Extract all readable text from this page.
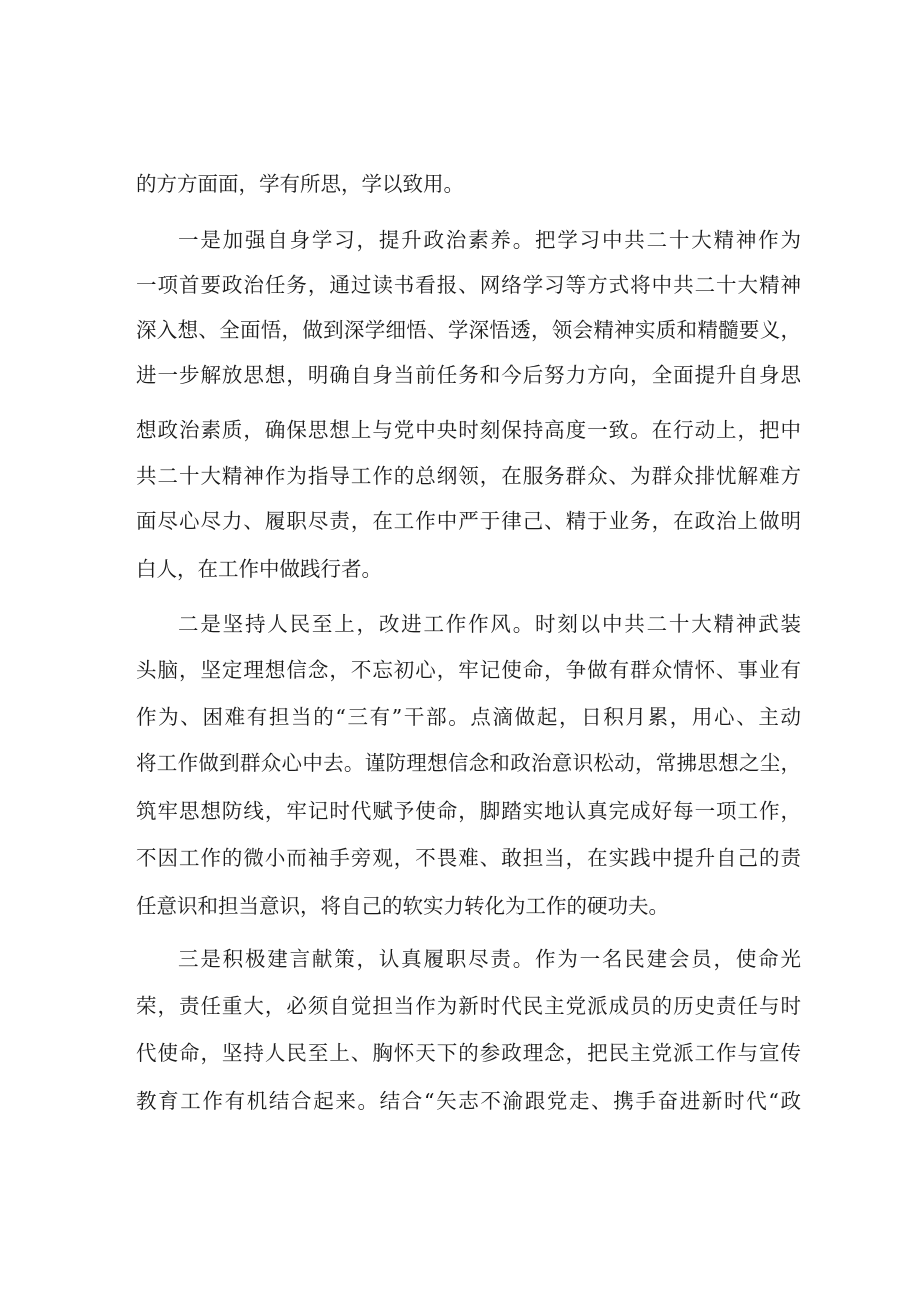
的方方面面，学有所思，学以致用。
一是加强自身学习，提升政治素养。把学习中共二十大精神作为
一项首要政治任务，通过读书看报、网络学习等方式将中共二十大精神
深入想、全面悟，做到深学细悟、学深悟透，领会精神实质和精髓要义，
进一步解放思想，明确自身当前任务和今后努力方向，全面提升自身思
想政治素质，确保思想上与党中央时刻保持高度一致。在行动上，把中
共二十大精神作为指导工作的总纲领，在服务群众、为群众排忧解难方
面尽心尽力、履职尽责，在工作中严于律己、精于业务，在政治上做明
白人，在工作中做践行者。
二是坚持人民至上，改进工作作风。时刻以中共二十大精神武装
头脑，坚定理想信念，不忘初心，牢记使命，争做有群众情怀、事业有
作为、困难有担当的“三有”干部。点滴做起，日积月累，用心、主动
将工作做到群众心中去。谨防理想信念和政治意识松动，常拂思想之尘，
筑牢思想防线，牢记时代赋予使命，脚踏实地认真完成好每一项工作，
不因工作的微小而袖手旁观，不畏难、敢担当，在实践中提升自己的责
任意识和担当意识，将自己的软实力转化为工作的硬功夫。
三是积极建言献策，认真履职尽责。作为一名民建会员，使命光
荣，责任重大，必须自觉担当作为新时代民主党派成员的历史责任与时
代使命，坚持人民至上、胸怀天下的参政理念，把民主党派工作与宣传
教育工作有机结合起来。结合“矢志不渝跟党走、携手奋进新时代“政
